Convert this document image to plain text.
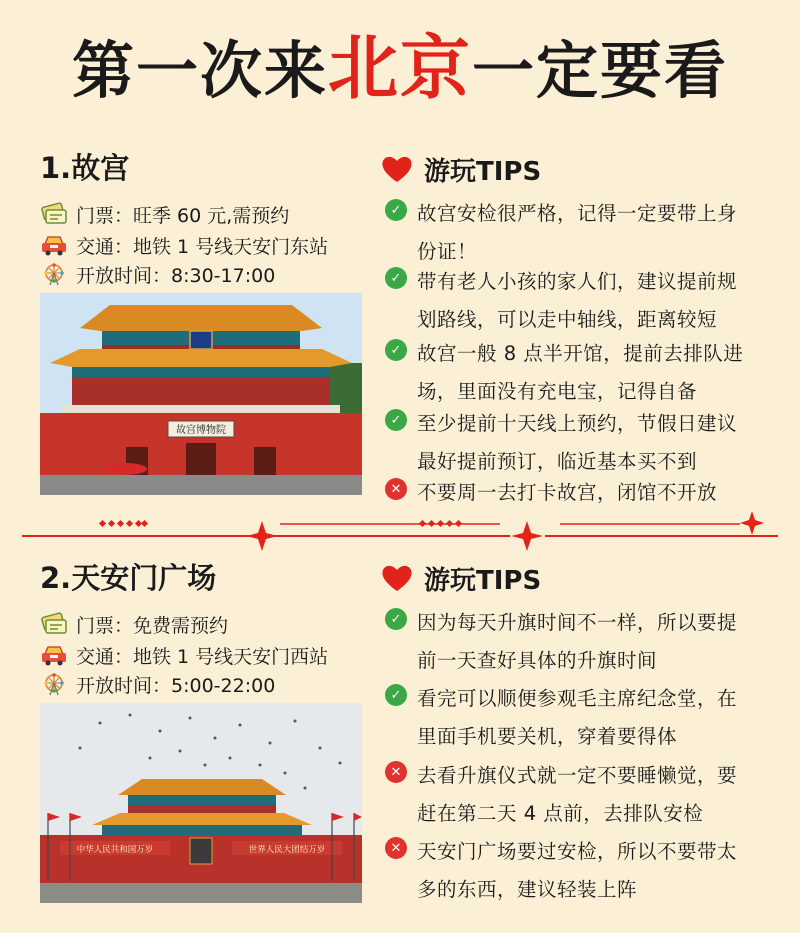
第一次来北京一定要看
1.故宫
门票：旺季 60 元,需预约
交通：地铁 1 号线天安门东站
开放时间：8:30-17:00
故宫博物院
游玩TIPS
✓ 故宫安检很严格，记得一定要带上身
份证！
✓ 带有老人小孩的家人们，建议提前规
划路线，可以走中轴线，距离较短
✓ 故宫一般 8 点半开馆，提前去排队进
场，里面没有充电宝，记得自备
✓ 至少提前十天线上预约，节假日建议
最好提前预订，临近基本买不到
✕ 不要周一去打卡故宫，闭馆不开放
2.天安门广场
门票：免费需预约
交通：地铁 1 号线天安门西站
开放时间：5:00-22:00
中华人民共和国万岁	世界人民大团结万岁
游玩TIPS
✓ 因为每天升旗时间不一样，所以要提
前一天查好具体的升旗时间
✓ 看完可以顺便参观毛主席纪念堂，在
里面手机要关机，穿着要得体
✕ 去看升旗仪式就一定不要睡懒觉，要
赶在第二天 4 点前，去排队安检
✕ 天安门广场要过安检，所以不要带太
多的东西，建议轻装上阵
